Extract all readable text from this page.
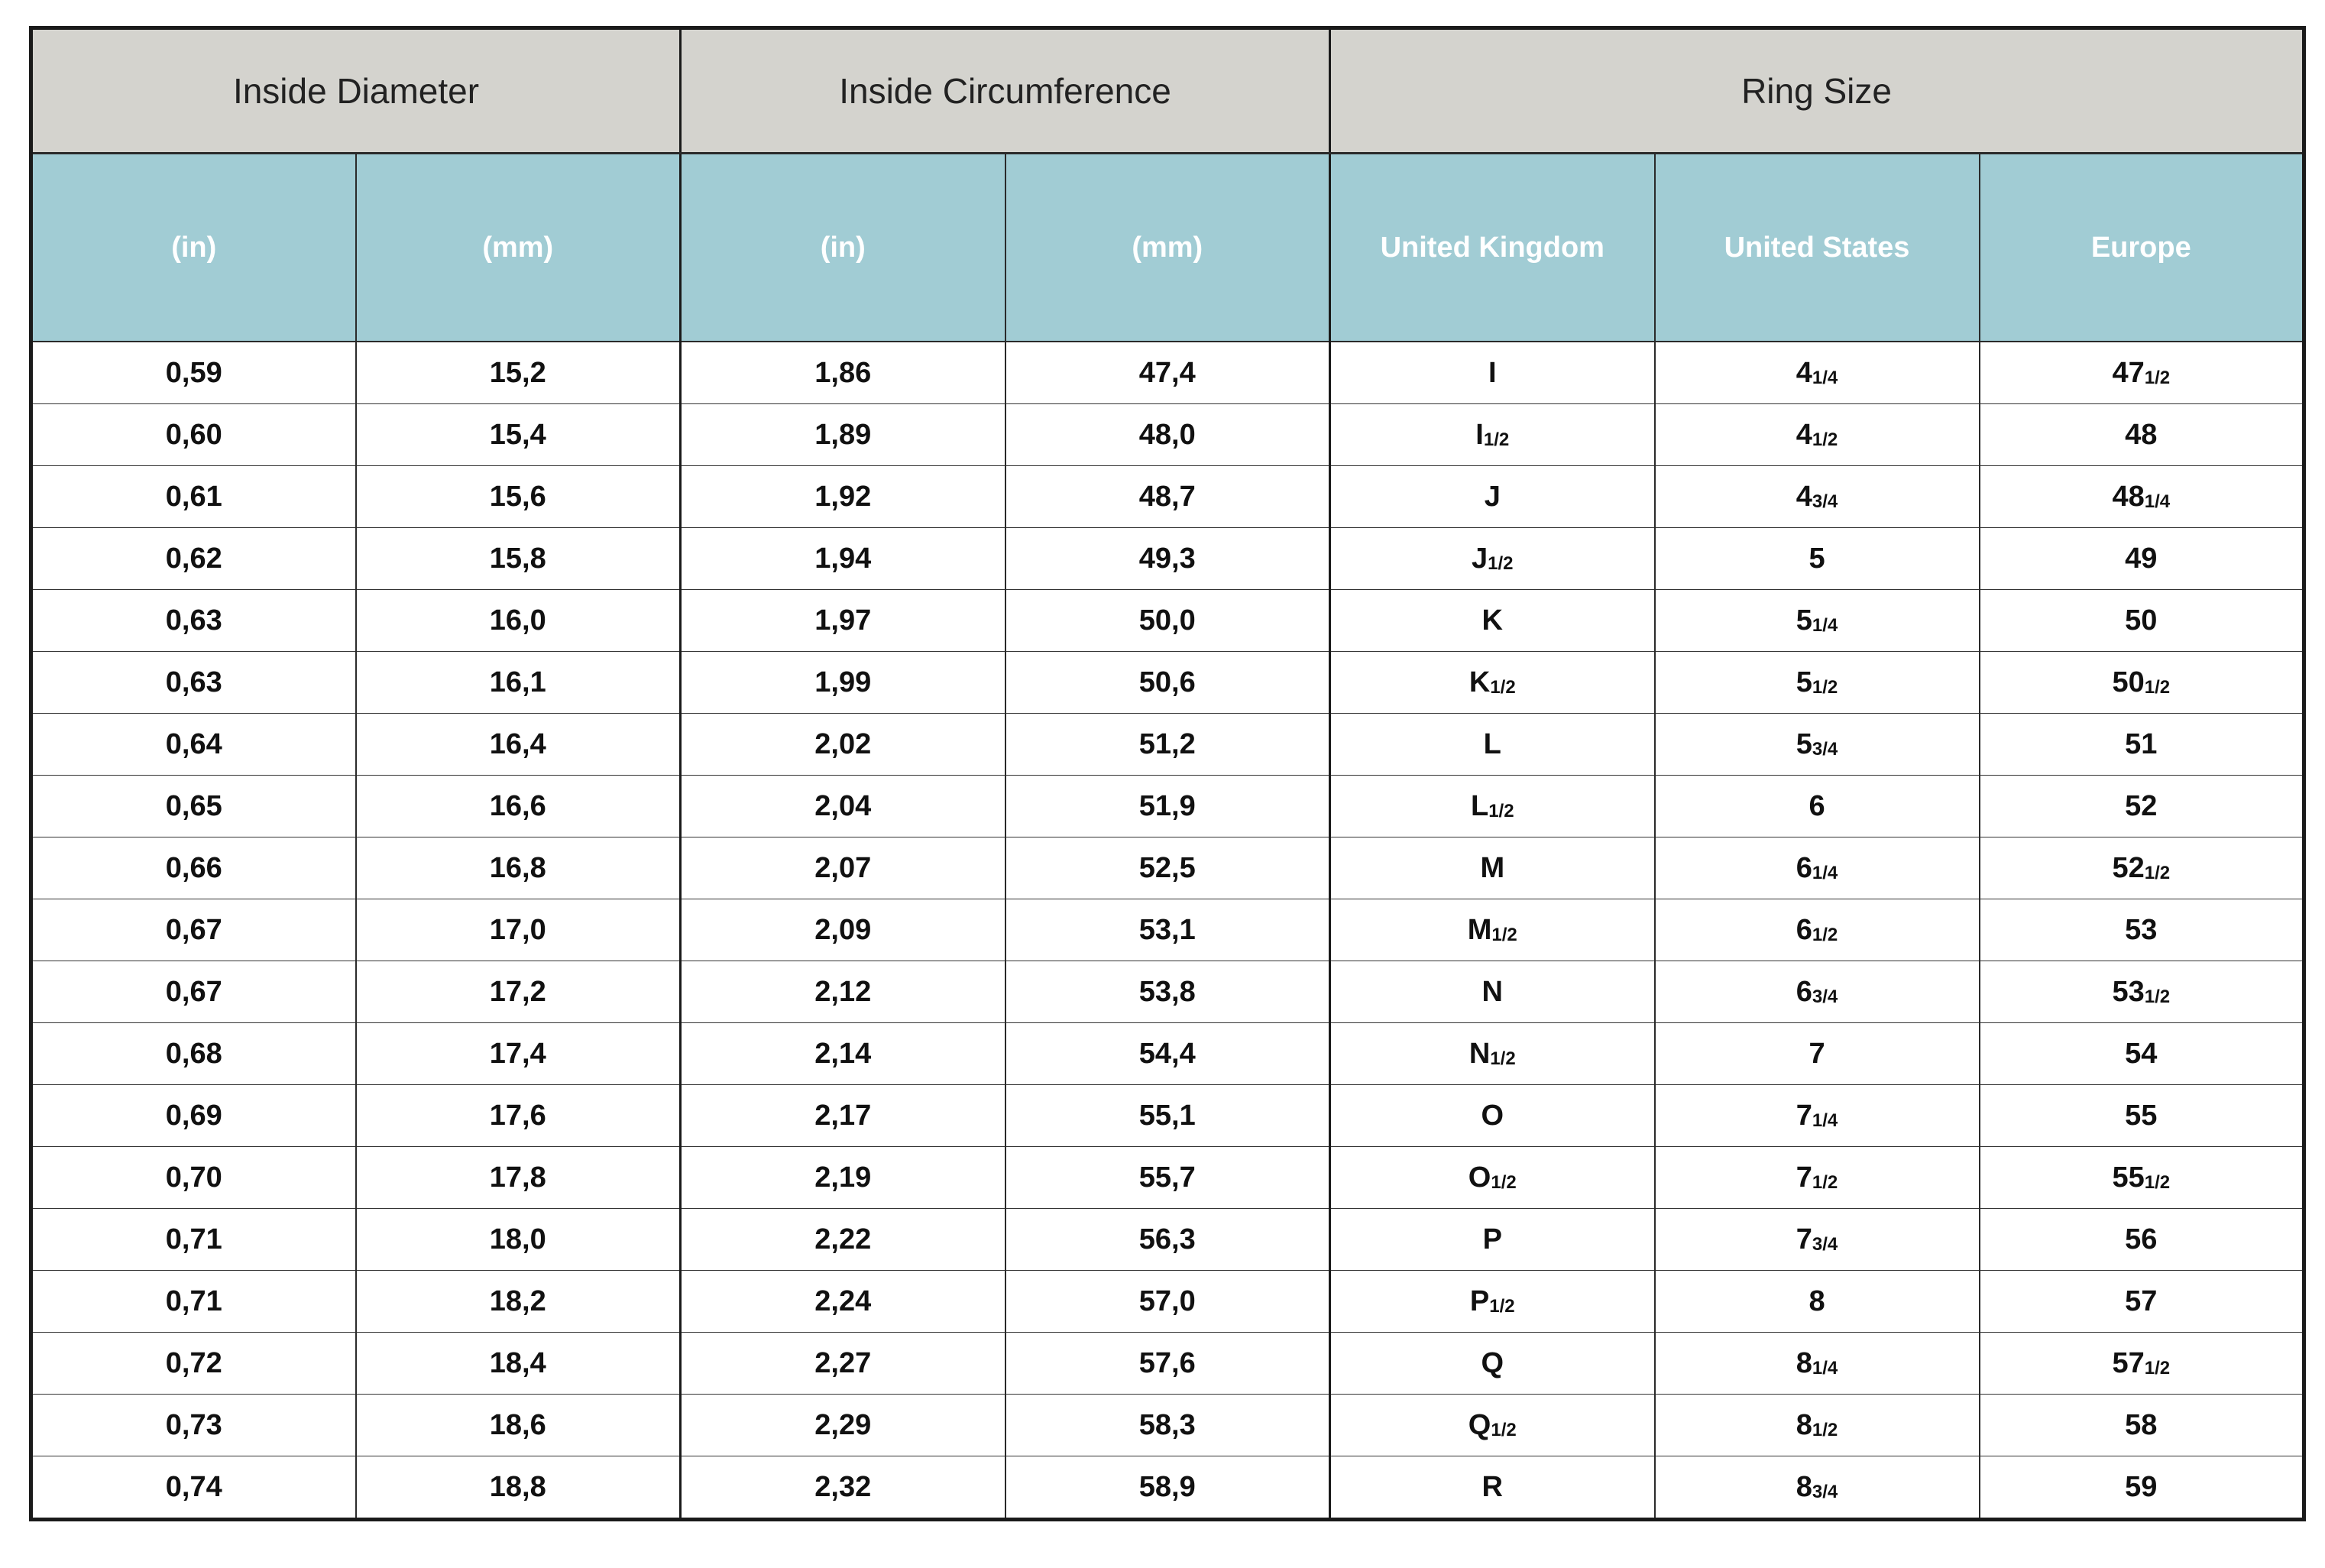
Inside Diameter		Inside Circumference		Ring Size		
(in)	(mm)	(in)	(mm)	United Kingdom	United States	Europe
0,59	15,2	1,86	47,4	I	$4_{1/4}$	$47_{1/2}$
0,60	15,4	1,89	48,0	$I_{1/2}$	$4_{1/2}$	48
0,61	15,6	1,92	48,7	J	$4_{3/4}$	$48_{1/4}$
0,62	15,8	1,94	49,3	$J_{1/2}$	5	49
0,63	16,0	1,97	50,0	K	$5_{1/4}$	50
0,63	16,1	1,99	50,6	$K_{1/2}$	$5_{1/2}$	$50_{1/2}$
0,64	16,4	2,02	51,2	L	$5_{3/4}$	51
0,65	16,6	2,04	51,9	$L_{1/2}$	6	52
0,66	16,8	2,07	52,5	M	$6_{1/4}$	$52_{1/2}$
0,67	17,0	2,09	53,1	$M_{1/2}$	$6_{1/2}$	53
0,67	17,2	2,12	53,8	N	$6_{3/4}$	$53_{1/2}$
0,68	17,4	2,14	54,4	$N_{1/2}$	7	54
0,69	17,6	2,17	55,1	O	$7_{1/4}$	55
0,70	17,8	2,19	55,7	$O_{1/2}$	$7_{1/2}$	$55_{1/2}$
0,71	18,0	2,22	56,3	P	$7_{3/4}$	56
0,71	18,2	2,24	57,0	$P_{1/2}$	8	57
0,72	18,4	2,27	57,6	Q	$8_{1/4}$	$57_{1/2}$
0,73	18,6	2,29	58,3	$Q_{1/2}$	$8_{1/2}$	58
0,74	18,8	2,32	58,9	R	$8_{3/4}$	59
